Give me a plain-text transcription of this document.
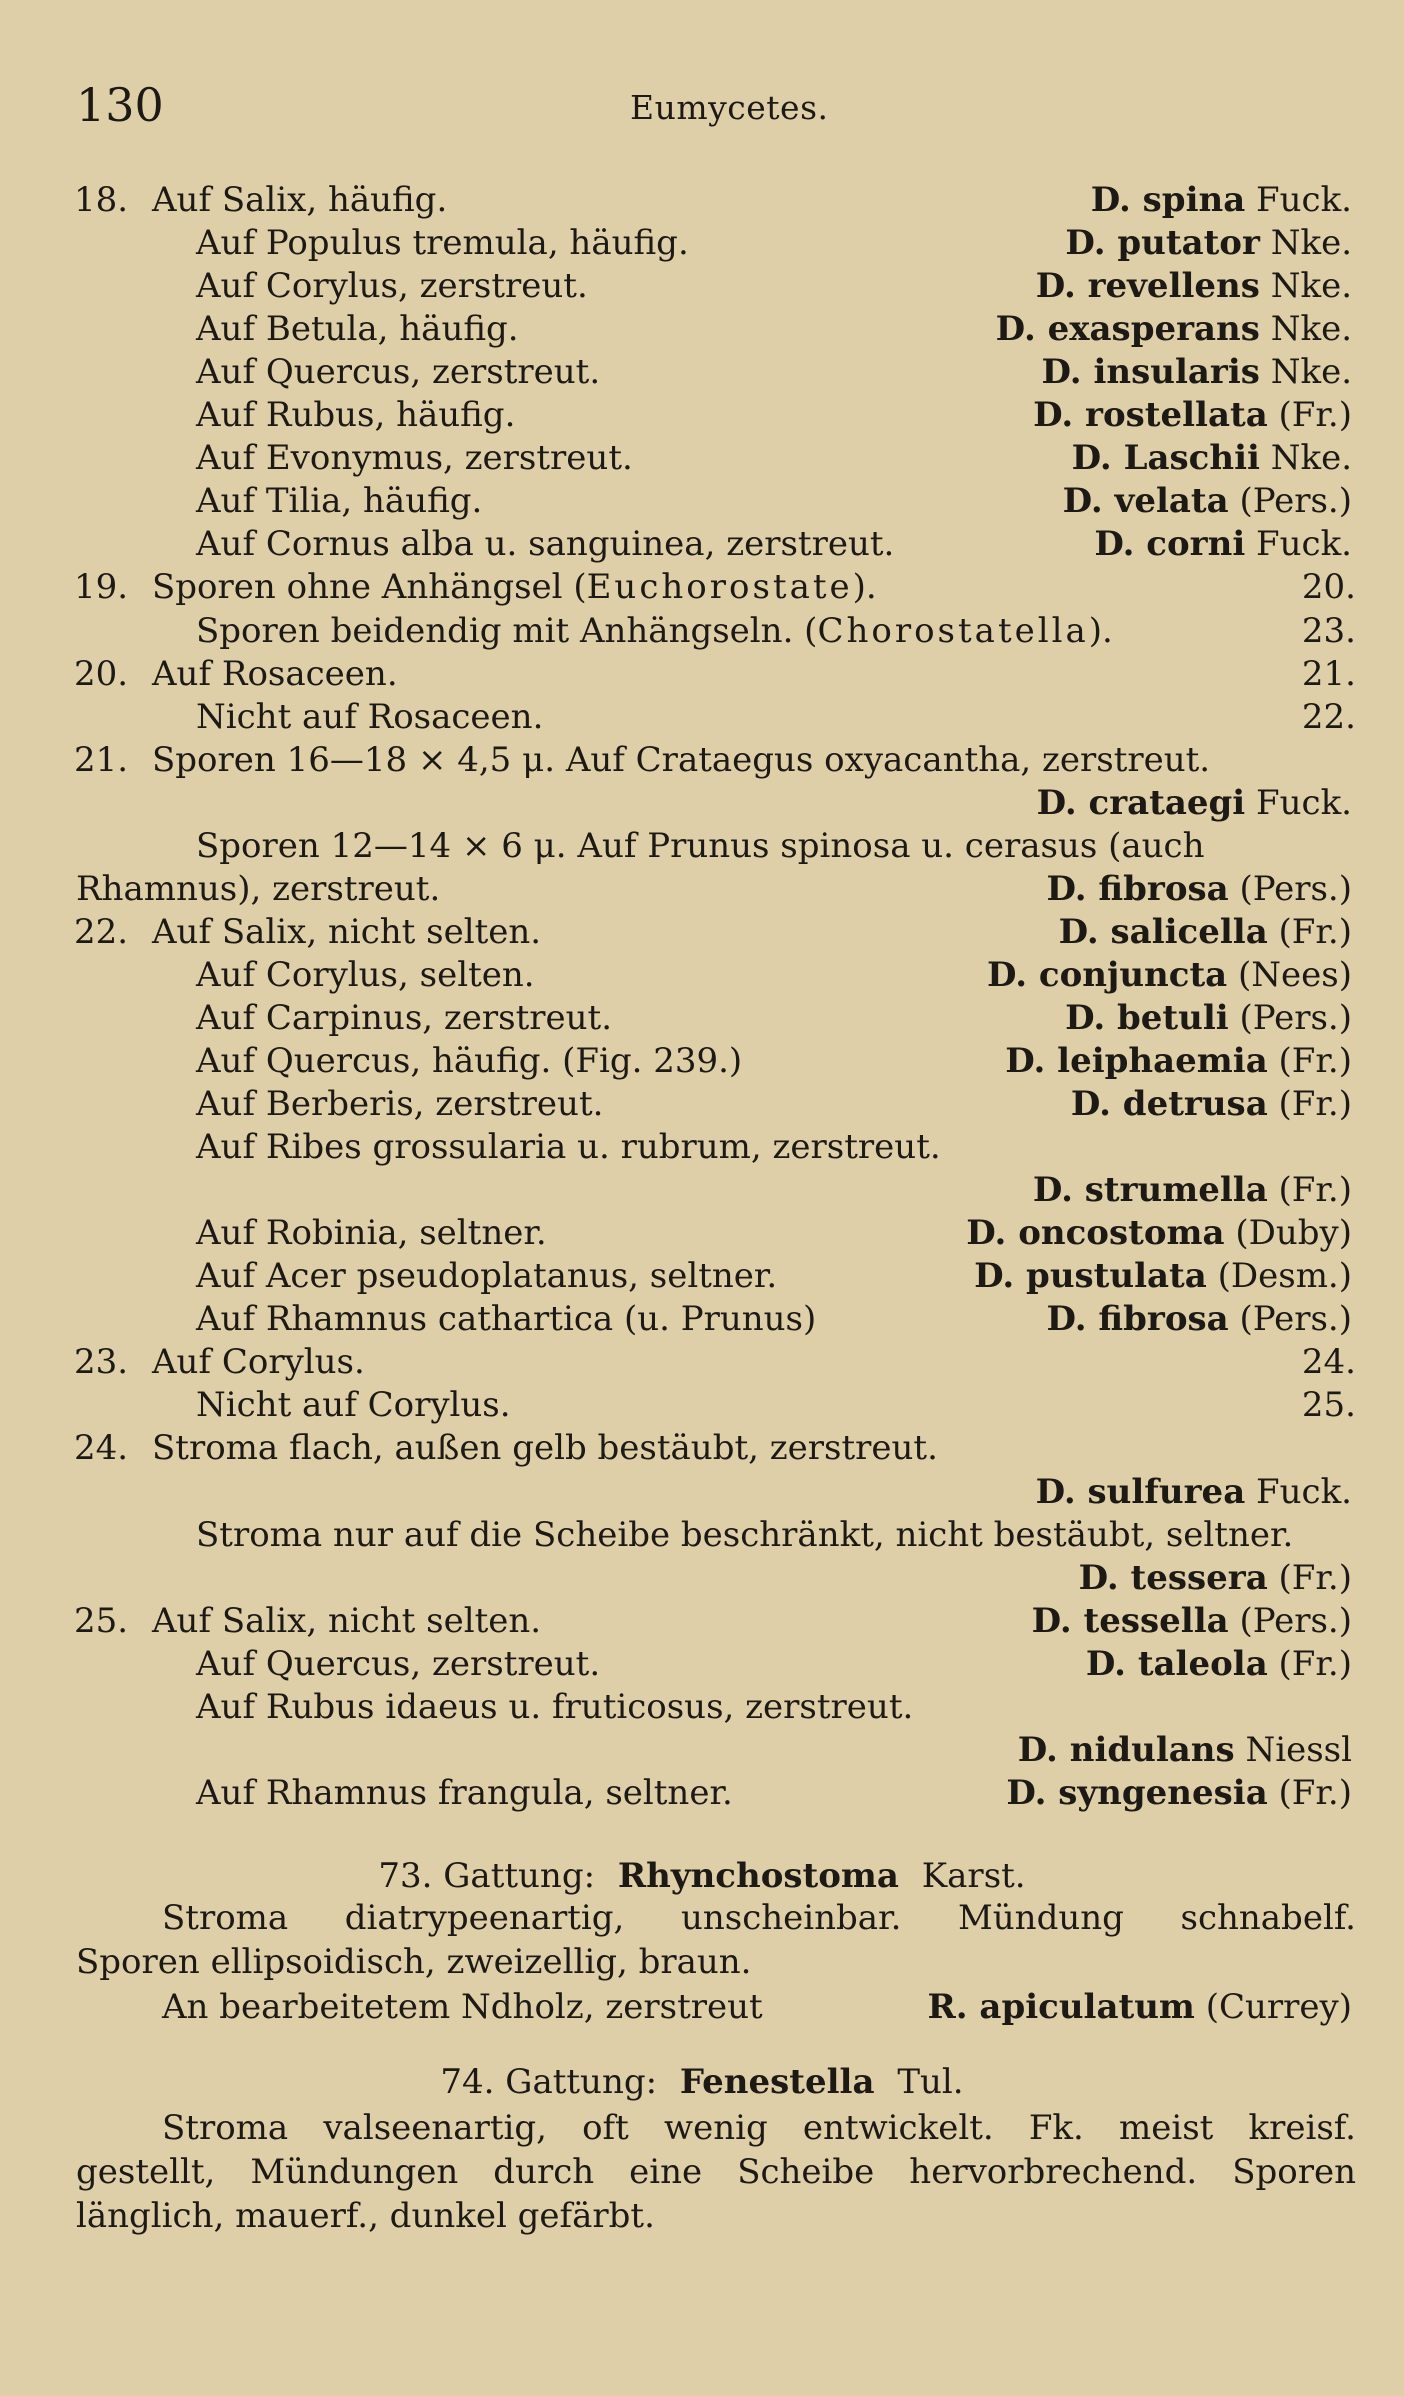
130	Eumycetes.
18. Auf Salix, häufig.	D. spina Fuck.
Auf Populus tremula, häufig.	D. putator Nke.
Auf Corylus, zerstreut.	D. revellens Nke.
Auf Betula, häufig.	D. exasperans Nke.
Auf Quercus, zerstreut.	D. insularis Nke.
Auf Rubus, häufig.	D. rostellata (Fr.)
Auf Evonymus, zerstreut.	D. Laschii Nke.
Auf Tilia, häufig.	D. velata (Pers.)
Auf Cornus alba u. sanguinea, zerstreut.	D. corni Fuck.
19. Sporen ohne Anhängsel (Euchorostate).	20.
Sporen beidendig mit Anhängseln. (Chorostatella).	23.
20. Auf Rosaceen.	21.
Nicht auf Rosaceen.	22.
21. Sporen 16—18 × 4,5 μ. Auf Crataegus oxyacantha, zerstreut.
D. crataegi Fuck.
Sporen 12—14 × 6 μ. Auf Prunus spinosa u. cerasus (auch
Rhamnus), zerstreut.	D. fibrosa (Pers.)
22. Auf Salix, nicht selten.	D. salicella (Fr.)
Auf Corylus, selten.	D. conjuncta (Nees)
Auf Carpinus, zerstreut.	D. betuli (Pers.)
Auf Quercus, häufig. (Fig. 239.)	D. leiphaemia (Fr.)
Auf Berberis, zerstreut.	D. detrusa (Fr.)
Auf Ribes grossularia u. rubrum, zerstreut.
D. strumella (Fr.)
Auf Robinia, seltner.	D. oncostoma (Duby)
Auf Acer pseudoplatanus, seltner.	D. pustulata (Desm.)
Auf Rhamnus cathartica (u. Prunus)	D. fibrosa (Pers.)
23. Auf Corylus.	24.
Nicht auf Corylus.	25.
24. Stroma flach, außen gelb bestäubt, zerstreut.
D. sulfurea Fuck.
Stroma nur auf die Scheibe beschränkt, nicht bestäubt, seltner.
D. tessera (Fr.)
25. Auf Salix, nicht selten.	D. tessella (Pers.)
Auf Quercus, zerstreut.	D. taleola (Fr.)
Auf Rubus idaeus u. fruticosus, zerstreut.
D. nidulans Niessl
Auf Rhamnus frangula, seltner.	D. syngenesia (Fr.)
73. Gattung: Rhynchostoma Karst.
Stroma diatrypeenartig, unscheinbar. Mündung schnabelf.
Sporen ellipsoidisch, zweizellig, braun.
An bearbeitetem Ndholz, zerstreut	R. apiculatum (Currey)
74. Gattung: Fenestella Tul.
Stroma valseenartig, oft wenig entwickelt. Fk. meist kreisf.
gestellt, Mündungen durch eine Scheibe hervorbrechend. Sporen
länglich, mauerf., dunkel gefärbt.
